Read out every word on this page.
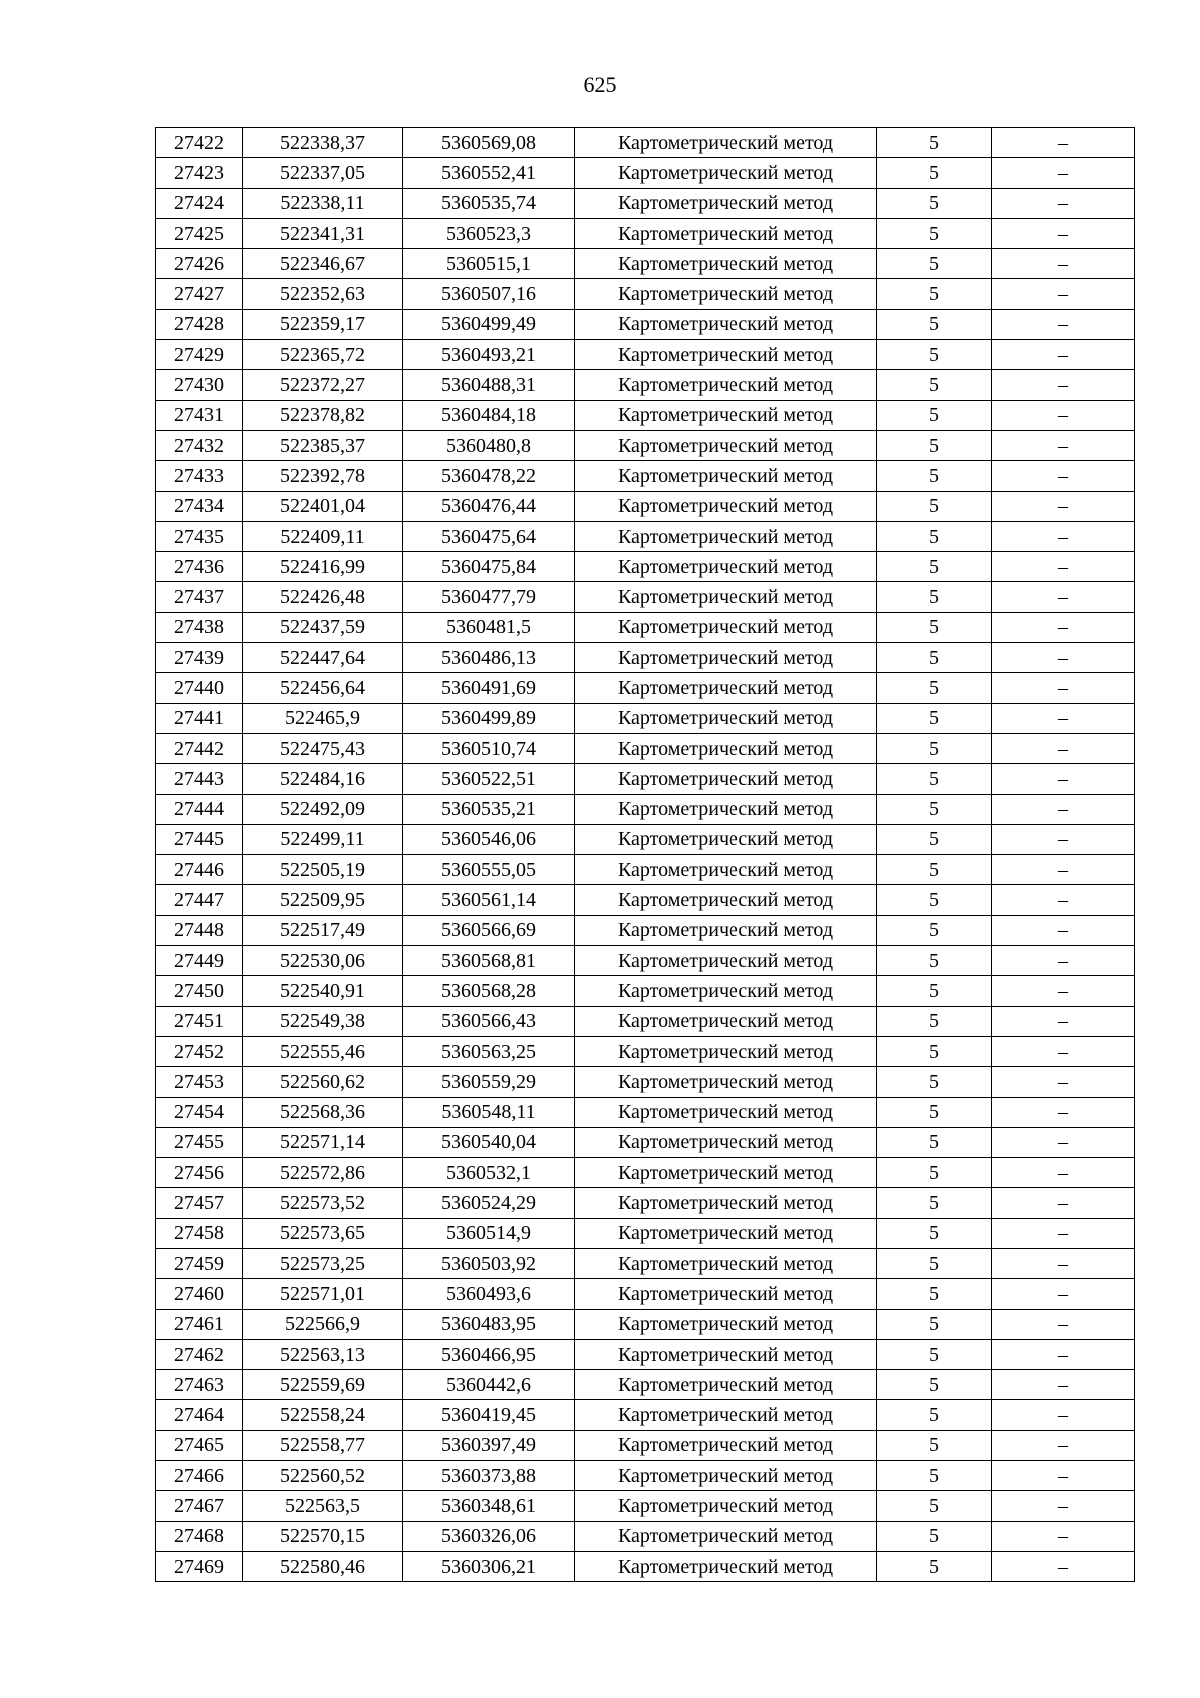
625
27422	522338,37	5360569,08	Картометрический метод	5	–
27423	522337,05	5360552,41	Картометрический метод	5	–
27424	522338,11	5360535,74	Картометрический метод	5	–
27425	522341,31	5360523,3	Картометрический метод	5	–
27426	522346,67	5360515,1	Картометрический метод	5	–
27427	522352,63	5360507,16	Картометрический метод	5	–
27428	522359,17	5360499,49	Картометрический метод	5	–
27429	522365,72	5360493,21	Картометрический метод	5	–
27430	522372,27	5360488,31	Картометрический метод	5	–
27431	522378,82	5360484,18	Картометрический метод	5	–
27432	522385,37	5360480,8	Картометрический метод	5	–
27433	522392,78	5360478,22	Картометрический метод	5	–
27434	522401,04	5360476,44	Картометрический метод	5	–
27435	522409,11	5360475,64	Картометрический метод	5	–
27436	522416,99	5360475,84	Картометрический метод	5	–
27437	522426,48	5360477,79	Картометрический метод	5	–
27438	522437,59	5360481,5	Картометрический метод	5	–
27439	522447,64	5360486,13	Картометрический метод	5	–
27440	522456,64	5360491,69	Картометрический метод	5	–
27441	522465,9	5360499,89	Картометрический метод	5	–
27442	522475,43	5360510,74	Картометрический метод	5	–
27443	522484,16	5360522,51	Картометрический метод	5	–
27444	522492,09	5360535,21	Картометрический метод	5	–
27445	522499,11	5360546,06	Картометрический метод	5	–
27446	522505,19	5360555,05	Картометрический метод	5	–
27447	522509,95	5360561,14	Картометрический метод	5	–
27448	522517,49	5360566,69	Картометрический метод	5	–
27449	522530,06	5360568,81	Картометрический метод	5	–
27450	522540,91	5360568,28	Картометрический метод	5	–
27451	522549,38	5360566,43	Картометрический метод	5	–
27452	522555,46	5360563,25	Картометрический метод	5	–
27453	522560,62	5360559,29	Картометрический метод	5	–
27454	522568,36	5360548,11	Картометрический метод	5	–
27455	522571,14	5360540,04	Картометрический метод	5	–
27456	522572,86	5360532,1	Картометрический метод	5	–
27457	522573,52	5360524,29	Картометрический метод	5	–
27458	522573,65	5360514,9	Картометрический метод	5	–
27459	522573,25	5360503,92	Картометрический метод	5	–
27460	522571,01	5360493,6	Картометрический метод	5	–
27461	522566,9	5360483,95	Картометрический метод	5	–
27462	522563,13	5360466,95	Картометрический метод	5	–
27463	522559,69	5360442,6	Картометрический метод	5	–
27464	522558,24	5360419,45	Картометрический метод	5	–
27465	522558,77	5360397,49	Картометрический метод	5	–
27466	522560,52	5360373,88	Картометрический метод	5	–
27467	522563,5	5360348,61	Картометрический метод	5	–
27468	522570,15	5360326,06	Картометрический метод	5	–
27469	522580,46	5360306,21	Картометрический метод	5	–
